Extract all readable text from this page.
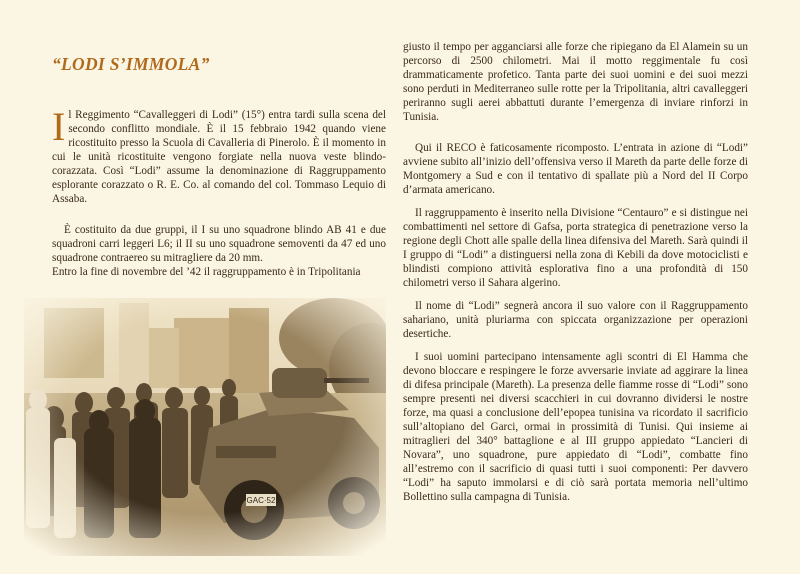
“LODI S’IMMOLA”

Il Reggimento “Cavalleggeri di Lodi” (15°) entra tardi sulla scena del secondo conflitto mondiale. È il 15 febbraio 1942 quando viene ricostituito presso la Scuola di Cavalleria di Pinerolo. È il momento in cui le unità ricostituite vengono forgiate nella nuova veste blindo-corazzata. Così “Lodi” assume la denominazione di Raggruppamento esplorante corazzato o R. E. Co. al comando del col. Tommaso Lequio di Assaba.

È costituito da due gruppi, il I su uno squadrone blindo AB 41 e due squadroni carri leggeri L6; il II su uno squadrone semoventi da 47 ed uno squadrone contraereo su mitragliere da 20 mm.

Entro la fine di novembre del ’42 il raggruppamento è in Tripolitania

giusto il tempo per agganciarsi alle forze che ripiegano da El Alamein su un percorso di 2500 chilometri. Mai il motto reggimentale fu così drammaticamente profetico. Tanta parte dei suoi uomini e dei suoi mezzi sono perduti in Mediterraneo sulle rotte per la Tripolitania, altri cavalleggeri periranno sugli aerei abbattuti durante l’emergenza di inviare rinforzi in Tunisia.

Qui il RECO è faticosamente ricomposto. L’entrata in azione di “Lodi” avviene subito all’inizio dell’offensiva verso il Mareth da parte delle forze di Montgomery a Sud e con il tentativo di spallate più a Nord del II Corpo d’armata americano.

Il raggruppamento è inserito nella Divisione “Centauro” e si distingue nei combattimenti nel settore di Gafsa, porta strategica di penetrazione verso la regione degli Chott alle spalle della linea difensiva del Mareth. Sarà quindi il I gruppo di “Lodi” a distinguersi nella zona di Kebili da dove motociclisti e blindisti compiono attività esplorativa fino a una profondità di 150 chilometri verso il Sahara algerino.

Il nome di “Lodi” segnerà ancora il suo valore con il Raggruppamento sahariano, unità pluriarma con spiccata organizzazione per operazioni desertiche.

I suoi uomini partecipano intensamente agli scontri di El Hamma che devono bloccare e respingere le forze avversarie inviate ad aggirare la linea di difesa principale (Mareth). La presenza delle fiamme rosse di “Lodi” sono sempre presenti nei diversi scacchieri in cui dovranno dividersi le nostre forze, ma quasi a conclusione dell’epopea tunisina va ricordato il sacrificio sull’altopiano del Garci, ormai in prossimità di Tunisi. Qui insieme ai mitraglieri del 340° battaglione e al III gruppo appiedato “Lancieri di Novara”, uno squadrone, pure appiedato di “Lodi”, combatte fino all’estremo con il sacrificio di quasi tutti i suoi componenti: Per davvero “Lodi” ha saputo immolarsi e di ciò sarà portata memoria nell’ultimo Bollettino sulla campagna di Tunisia.
